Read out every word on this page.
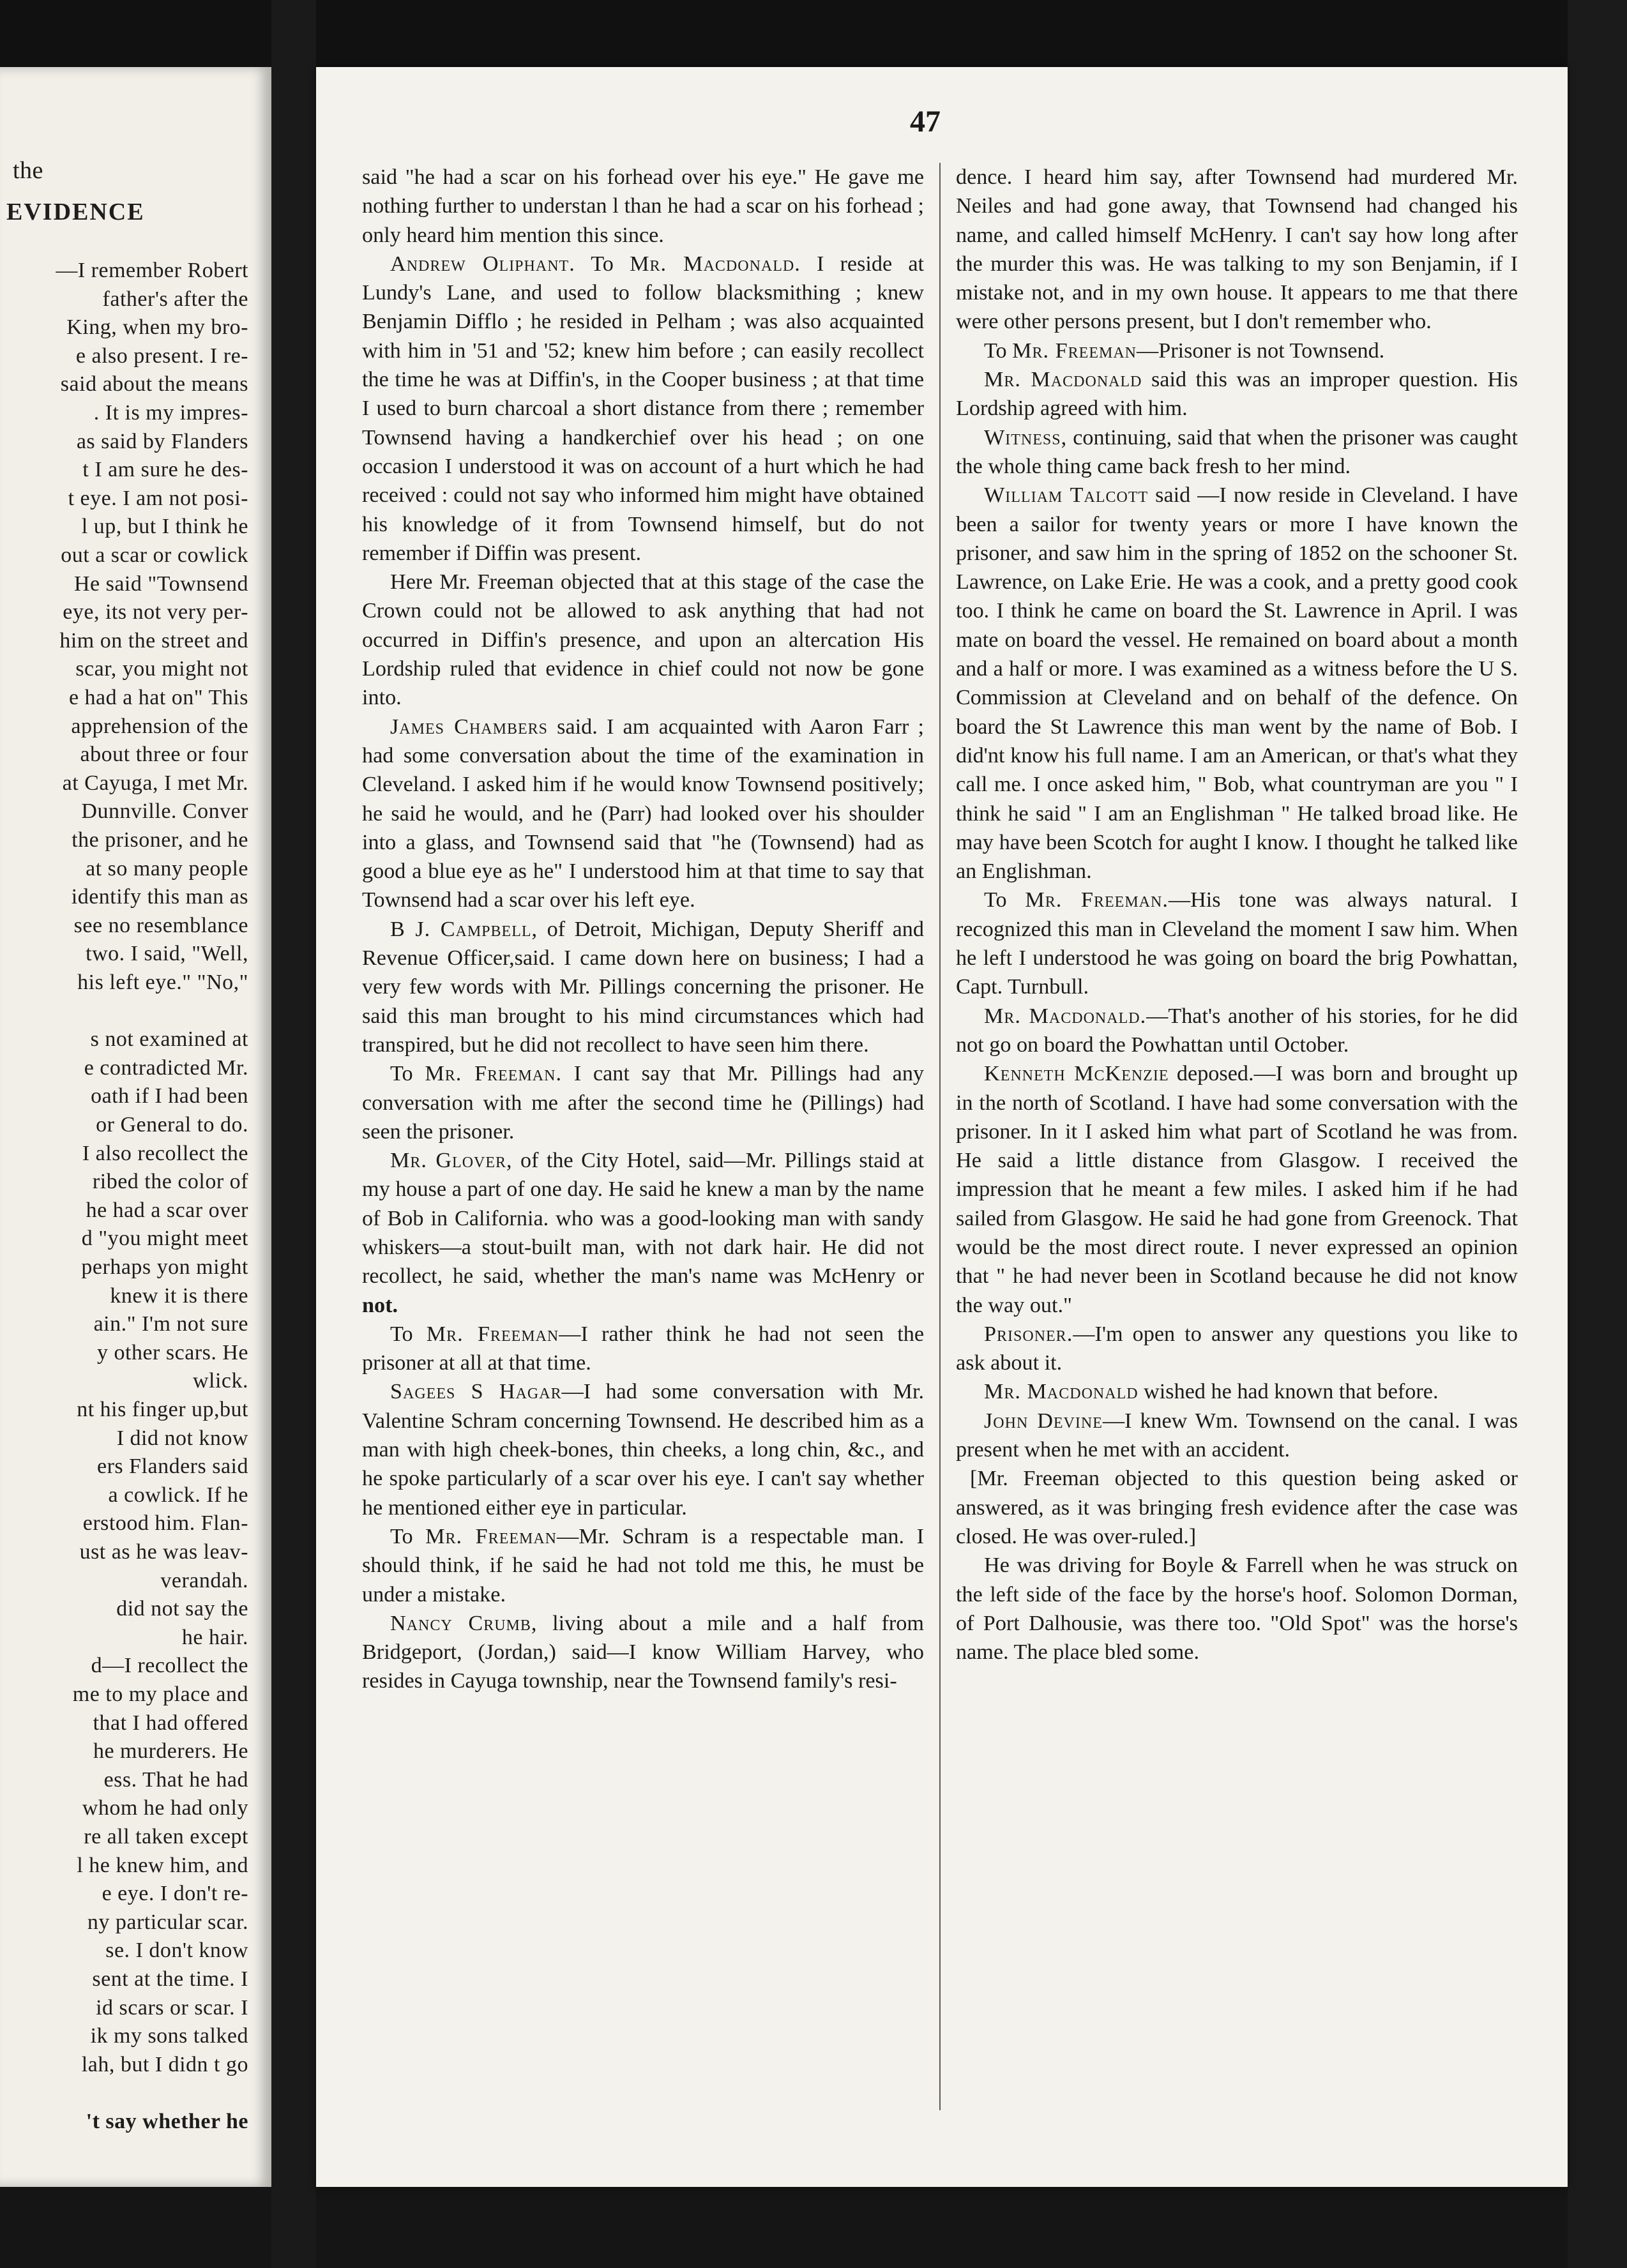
the
EVIDENCE
—I remember Robert
father's after the
King, when my bro-
e also present. I re-
said about the means
. It is my impres-
as said by Flanders
t I am sure he des-
t eye. I am not posi-
l up, but I think he
out a scar or cowlick
He said "Townsend
eye, its not very per-
him on the street and
scar, you might not
e had a hat on" This
apprehension of the
about three or four
at Cayuga, I met Mr.
Dunnville. Conver
the prisoner, and he
at so many people
identify this man as
see no resemblance
two. I said, "Well,
his left eye." "No,"
s not examined at
e contradicted Mr.
oath if I had been
or General to do.
I also recollect the
ribed the color of
he had a scar over
d "you might meet
perhaps yon might
knew it is there
ain." I'm not sure
y other scars. He
wlick.
nt his finger up,but
I did not know
ers Flanders said
a cowlick. If he
erstood him. Flan-
ust as he was leav-
verandah.
did not say the
he hair.
d—I recollect the
me to my place and
that I had offered
he murderers. He
ess. That he had
whom he had only
re all taken except
l he knew him, and
e eye. I don't re-
ny particular scar.
se. I don't know
sent at the time. I
id scars or scar. I
ik my sons talked
lah, but I didn t go
't say whether he
47

said "he had a scar on his forhead over his eye." He gave me nothing further to understan l than he had a scar on his forhead ; only heard him mention this since.

Andrew Oliphant. To Mr. Macdonald. I reside at Lundy's Lane, and used to follow blacksmithing ; knew Benjamin Difflo ; he resided in Pelham ; was also acquainted with him in '51 and '52; knew him before ; can easily recollect the time he was at Diffin's, in the Cooper business ; at that time I used to burn charcoal a short distance from there ; remember Townsend having a handkerchief over his head ; on one occasion I understood it was on account of a hurt which he had received : could not say who informed him might have obtained his knowledge of it from Townsend himself, but do not remember if Diffin was present.

Here Mr. Freeman objected that at this stage of the case the Crown could not be allowed to ask anything that had not occurred in Diffin's presence, and upon an altercation His Lordship ruled that evidence in chief could not now be gone into.

James Chambers said. I am acquainted with Aaron Farr ; had some conversation about the time of the examination in Cleveland. I asked him if he would know Townsend positively; he said he would, and he (Parr) had looked over his shoulder into a glass, and Townsend said that "he (Townsend) had as good a blue eye as he" I understood him at that time to say that Townsend had a scar over his left eye.

B J. Campbell, of Detroit, Michigan, Deputy Sheriff and Revenue Officer,said. I came down here on business; I had a very few words with Mr. Pillings concerning the prisoner. He said this man brought to his mind circumstances which had transpired, but he did not recollect to have seen him there.

To Mr. Freeman. I cant say that Mr. Pillings had any conversation with me after the second time he (Pillings) had seen the prisoner.

Mr. Glover, of the City Hotel, said—Mr. Pillings staid at my house a part of one day. He said he knew a man by the name of Bob in California. who was a good-looking man with sandy whiskers—a stout-built man, with not dark hair. He did not recollect, he said, whether the man's name was McHenry or not.

To Mr. Freeman—I rather think he had not seen the prisoner at all at that time.

Sagees S Hagar—I had some conversation with Mr. Valentine Schram concerning Townsend. He described him as a man with high cheek-bones, thin cheeks, a long chin, &c., and he spoke particularly of a scar over his eye. I can't say whether he mentioned either eye in particular.

To Mr. Freeman—Mr. Schram is a respectable man. I should think, if he said he had not told me this, he must be under a mistake.

Nancy Crumb, living about a mile and a half from Bridgeport, (Jordan,) said—I know William Harvey, who resides in Cayuga township, near the Townsend family's resi-

dence. I heard him say, after Townsend had murdered Mr. Neiles and had gone away, that Townsend had changed his name, and called himself McHenry. I can't say how long after the murder this was. He was talking to my son Benjamin, if I mistake not, and in my own house. It appears to me that there were other persons present, but I don't remember who.

To Mr. Freeman—Prisoner is not Townsend.

Mr. Macdonald said this was an improper question. His Lordship agreed with him.

Witness, continuing, said that when the prisoner was caught the whole thing came back fresh to her mind.

William Talcott said —I now reside in Cleveland. I have been a sailor for twenty years or more I have known the prisoner, and saw him in the spring of 1852 on the schooner St. Lawrence, on Lake Erie. He was a cook, and a pretty good cook too. I think he came on board the St. Lawrence in April. I was mate on board the vessel. He remained on board about a month and a half or more. I was examined as a witness before the U S. Commission at Cleveland and on behalf of the defence. On board the St Lawrence this man went by the name of Bob. I did'nt know his full name. I am an American, or that's what they call me. I once asked him, " Bob, what countryman are you " I think he said " I am an Englishman " He talked broad like. He may have been Scotch for aught I know. I thought he talked like an Englishman.

To Mr. Freeman.—His tone was always natural. I recognized this man in Cleveland the moment I saw him. When he left I understood he was going on board the brig Powhattan, Capt. Turnbull.

Mr. Macdonald.—That's another of his stories, for he did not go on board the Powhattan until October.

Kenneth McKenzie deposed.—I was born and brought up in the north of Scotland. I have had some conversation with the prisoner. In it I asked him what part of Scotland he was from. He said a little distance from Glasgow. I received the impression that he meant a few miles. I asked him if he had sailed from Glasgow. He said he had gone from Greenock. That would be the most direct route. I never expressed an opinion that " he had never been in Scotland because he did not know the way out."

Prisoner.—I'm open to answer any questions you like to ask about it.

Mr. Macdonald wished he had known that before.

John Devine—I knew Wm. Townsend on the canal. I was present when he met with an accident.

[Mr. Freeman objected to this question being asked or answered, as it was bringing fresh evidence after the case was closed. He was over-ruled.]

He was driving for Boyle & Farrell when he was struck on the left side of the face by the horse's hoof. Solomon Dorman, of Port Dalhousie, was there too. "Old Spot" was the horse's name. The place bled some.
